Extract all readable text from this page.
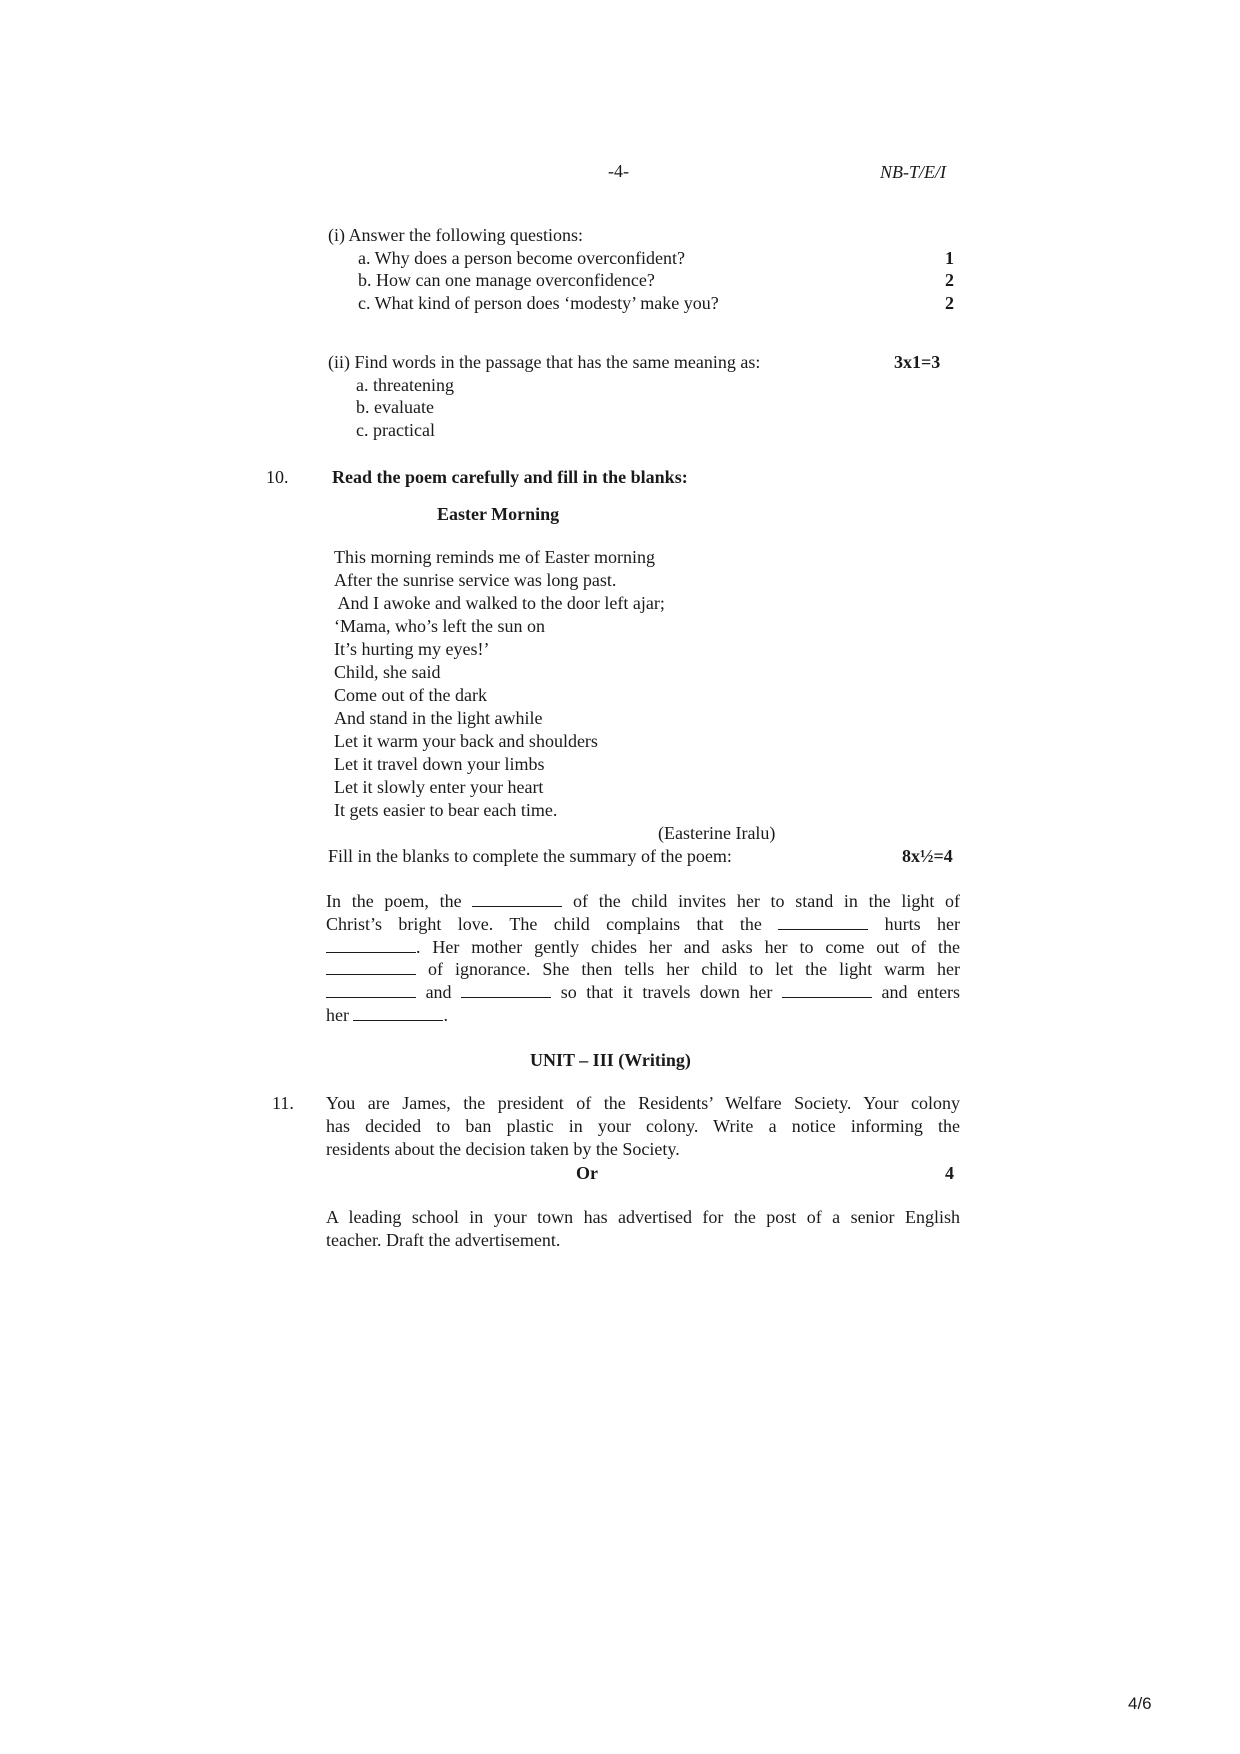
-4-	NB-T/E/I
(i) Answer the following questions:
a. Why does a person become overconfident?	1
b. How can one manage overconfidence?	2
c. What kind of person does ‘modesty’ make you?	2
(ii) Find words in the passage that has the same meaning as:	3x1=3
a. threatening
b. evaluate
c. practical
10. Read the poem carefully and fill in the blanks:
Easter Morning
This morning reminds me of Easter morning
After the sunrise service was long past.
And I awoke and walked to the door left ajar;
‘Mama, who’s left the sun on
It’s hurting my eyes!’
Child, she said
Come out of the dark
And stand in the light awhile
Let it warm your back and shoulders
Let it travel down your limbs
Let it slowly enter your heart
It gets easier to bear each time.
(Easterine Iralu)
Fill in the blanks to complete the summary of the poem:	8x½=4
In the poem, the	of the child invites her to stand in the light of
Christ’s bright love. The child complains that the	hurts her
. Her mother gently chides her and asks her to come out of the
of ignorance. She then tells her child to let the light warm her
and	so that it travels down her	and enters
her	.
UNIT – III (Writing)
11. You are James, the president of the Residents’ Welfare Society. Your colony
has decided to ban plastic in your colony. Write a notice informing the
residents about the decision taken by the Society.
Or	4
A leading school in your town has advertised for the post of a senior English
teacher. Draft the advertisement.
4/6
